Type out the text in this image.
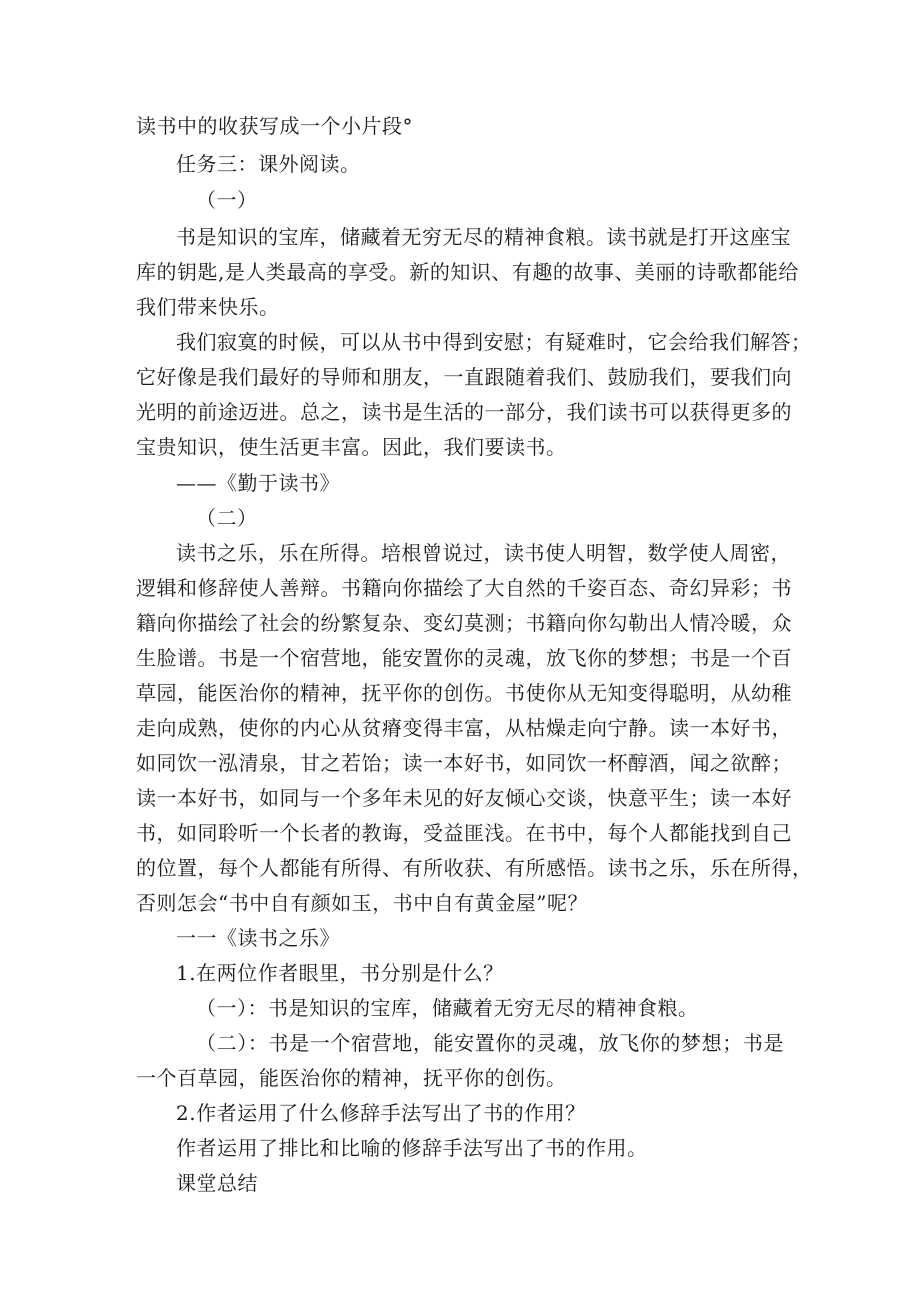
读书中的收获写成一个小片段°
任务三：课外阅读。
（一）
书是知识的宝库，储藏着无穷无尽的精神食粮。读书就是打开这座宝
库的钥匙,是人类最高的享受。新的知识、有趣的故事、美丽的诗歌都能给
我们带来快乐。
我们寂寞的时候，可以从书中得到安慰；有疑难时，它会给我们解答；
它好像是我们最好的导师和朋友，一直跟随着我们、鼓励我们，要我们向
光明的前途迈进。总之，读书是生活的一部分，我们读书可以获得更多的
宝贵知识，使生活更丰富。因此，我们要读书。
——《勤于读书》
（二）
读书之乐，乐在所得。培根曾说过，读书使人明智，数学使人周密，
逻辑和修辞使人善辩。书籍向你描绘了大自然的千姿百态、奇幻异彩；书
籍向你描绘了社会的纷繁复杂、变幻莫测；书籍向你勾勒出人情冷暖，众
生脸谱。书是一个宿营地，能安置你的灵魂，放飞你的梦想；书是一个百
草园，能医治你的精神，抚平你的创伤。书使你从无知变得聪明，从幼稚
走向成熟，使你的内心从贫瘠变得丰富，从枯燥走向宁静。读一本好书，
如同饮一泓清泉，甘之若饴；读一本好书，如同饮一杯醇酒，闻之欲醉；
读一本好书，如同与一个多年未见的好友倾心交谈，快意平生；读一本好
书，如同聆听一个长者的教诲，受益匪浅。在书中，每个人都能找到自己
的位置，每个人都能有所得、有所收获、有所感悟。读书之乐，乐在所得，
否则怎会“书中自有颜如玉，书中自有黄金屋”呢？
一一《读书之乐》
1.在两位作者眼里，书分别是什么？
（一）：书是知识的宝库，储藏着无穷无尽的精神食粮。
（二）：书是一个宿营地，能安置你的灵魂，放飞你的梦想；书是
一个百草园，能医治你的精神，抚平你的创伤。
2.作者运用了什么修辞手法写出了书的作用？
作者运用了排比和比喻的修辞手法写出了书的作用。
课堂总结
